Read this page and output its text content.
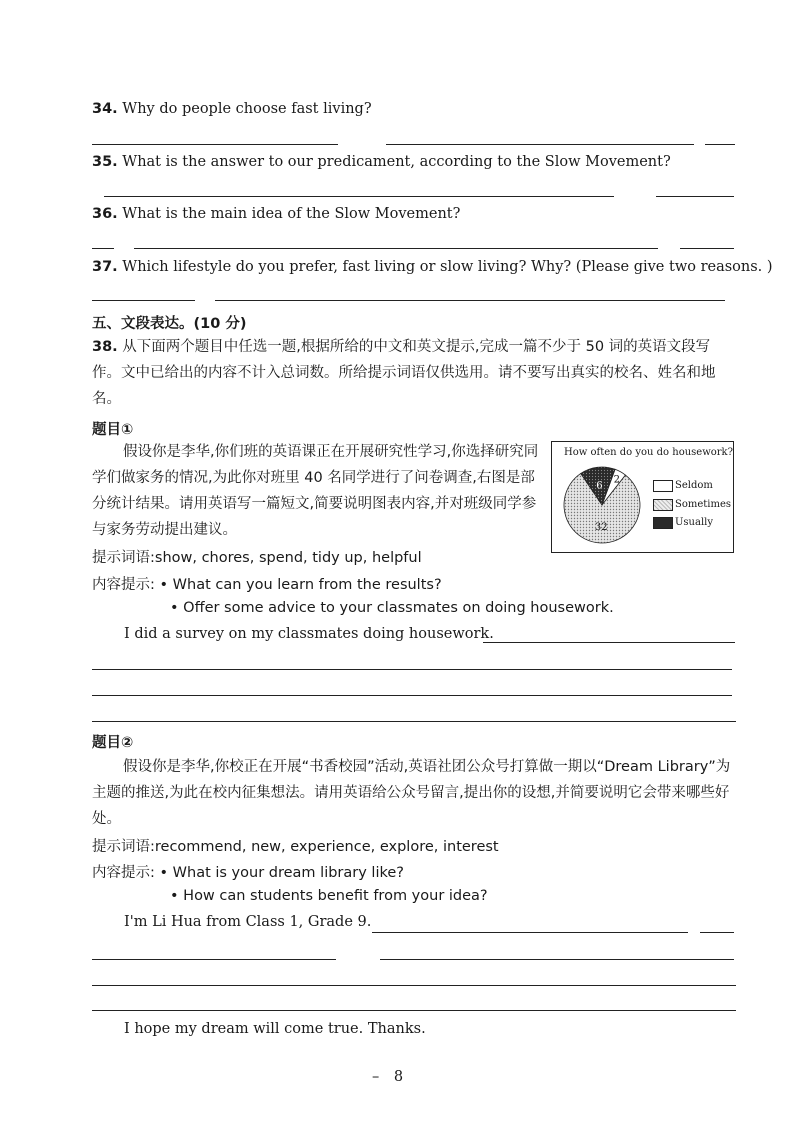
34. Why do people choose fast living?
35. What is the answer to our predicament, according to the Slow Movement?
36. What is the main idea of the Slow Movement?
37. Which lifestyle do you prefer, fast living or slow living? Why? (Please give two reasons. )
五、文段表达。(10 分)
38. 从下面两个题目中任选一题,根据所给的中文和英文提示,完成一篇不少于 50 词的英语文段写作。文中已给出的内容不计入总词数。所给提示词语仅供选用。请不要写出真实的校名、姓名和地名。
题目①
假设你是李华,你们班的英语课正在开展研究性学习,你选择研究同学们做家务的情况,为此你对班里 40 名同学进行了问卷调查,右图是部分统计结果。请用英语写一篇短文,简要说明图表内容,并对班级同学参与家务劳动提出建议。
How often do you do housework?
2
32
6	Seldom
Sometimes
Usually
提示词语:show, chores, spend, tidy up, helpful
内容提示: • What can you learn from the results?
• Offer some advice to your classmates on doing housework.
I did a survey on my classmates doing housework.
题目②
假设你是李华,你校正在开展“书香校园”活动,英语社团公众号打算做一期以“Dream Library”为主题的推送,为此在校内征集想法。请用英语给公众号留言,提出你的设想,并简要说明它会带来哪些好处。
提示词语:recommend, new, experience, explore, interest
内容提示: • What is your dream library like?
• How can students benefit from your idea?
I'm Li Hua from Class 1, Grade 9.
I hope my dream will come true. Thanks.
– 8
